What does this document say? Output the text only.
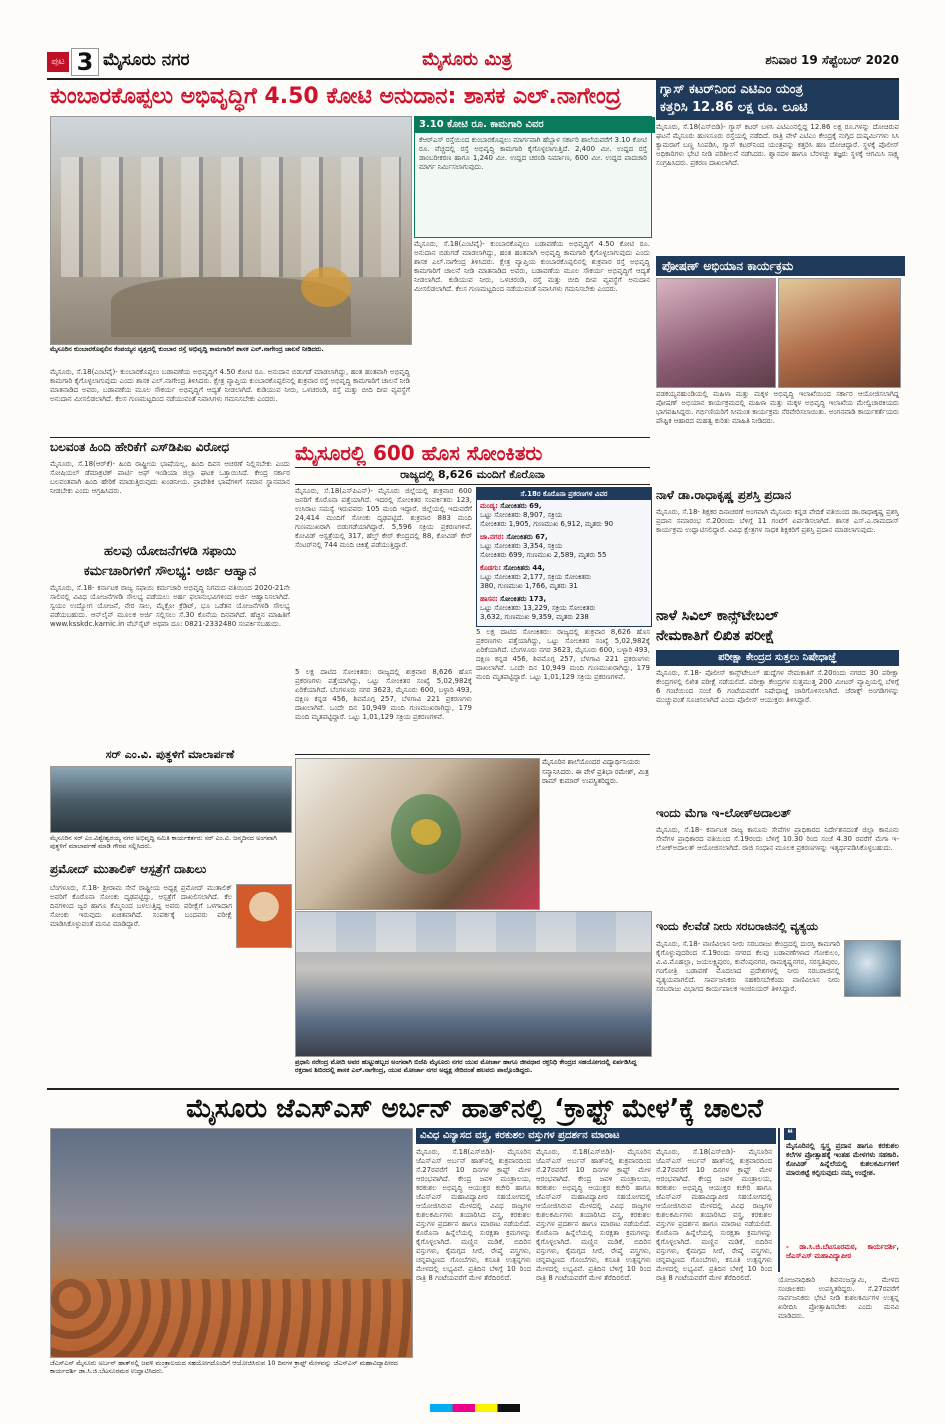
ಪುಟ 3 ಮೈಸೂರು ನಗರ	ಮೈಸೂರು ಮಿತ್ರ	ಶನಿವಾರ 19 ಸೆಪ್ಟೆಂಬರ್ 2020
ಕುಂಬಾರಕೊಪ್ಪಲು ಅಭಿವೃದ್ಧಿಗೆ 4.50 ಕೋಟಿ ಅನುದಾನ: ಶಾಸಕ ಎಲ್.ನಾಗೇಂದ್ರ
ಮೈಸೂರಿನ ಕುಂಬಾರಕೊಪ್ಪಲಿನ ಕೆಂಪಯ್ಯನ ವೃತ್ತದಲ್ಲಿ ಕುಂಬಾರ ರಸ್ತೆ ಅಭಿವೃದ್ಧಿ ಕಾಮಗಾರಿಗೆ ಶಾಸಕ ಎಲ್.ನಾಗೇಂದ್ರ ಚಾಲನೆ ನೀಡಿದರು.
3.10 ಕೋಟಿ ರೂ. ಕಾಮಗಾರಿ ವಿವರ
ಕೆಆರ್‌ಎಸ್ ರಸ್ತೆಯಿಂದ ಕುಂಬಾರಕೊಪ್ಪಲು ಮಾರ್ಗವಾಗಿ ಹೆಬ್ಬಾಳ ಸರ್ಕಾರಿ ಶಾಲೆಯವರೆಗೆ 3.10 ಕೋಟಿ ರೂ. ವೆಚ್ಚದಲ್ಲಿ ರಸ್ತೆ ಅಭಿವೃದ್ಧಿ ಕಾಮಗಾರಿ ಕೈಗೊಳ್ಳಲಾಗುತ್ತಿದೆ. 2,400 ಮೀ. ಉದ್ದದ ರಸ್ತೆ ಡಾಂಬರೀಕರಣ ಹಾಗೂ 1,240 ಮೀ. ಉದ್ದದ ಚರಂಡಿ ನಿರ್ಮಾಣ, 600 ಮೀ. ಉದ್ದದ ಪಾದಚಾರಿ ಮಾರ್ಗ ನಿರ್ಮಿಸಲಾಗುವುದು.
ಮೈಸೂರು, ಸೆ.18(ಎಂಟಿವೈ)- ಕುಂಬಾರಕೊಪ್ಪಲು ಬಡಾವಣೆಯ ಅಭಿವೃದ್ಧಿಗೆ 4.50 ಕೋಟಿ ರೂ. ಅನುದಾನ ಬಿಡುಗಡೆ ಮಾಡಲಾಗಿದ್ದು, ಹಂತ ಹಂತವಾಗಿ ಅಭಿವೃದ್ಧಿ ಕಾಮಗಾರಿ ಕೈಗೊಳ್ಳಲಾಗುವುದು ಎಂದು ಶಾಸಕ ಎಲ್.ನಾಗೇಂದ್ರ ತಿಳಿಸಿದರು. ಕ್ಷೇತ್ರ ವ್ಯಾಪ್ತಿಯ ಕುಂಬಾರಕೊಪ್ಪಲಿನಲ್ಲಿ ಶುಕ್ರವಾರ ರಸ್ತೆ ಅಭಿವೃದ್ಧಿ ಕಾಮಗಾರಿಗೆ ಚಾಲನೆ ನೀಡಿ ಮಾತನಾಡಿದ ಅವರು, ಬಡಾವಣೆಯ ಮೂಲ ಸೌಕರ್ಯ ಅಭಿವೃದ್ಧಿಗೆ ಆದ್ಯತೆ ನೀಡಲಾಗಿದೆ. ಕುಡಿಯುವ ನೀರು, ಒಳಚರಂಡಿ, ರಸ್ತೆ ಮತ್ತು ಬೀದಿ ದೀಪ ವ್ಯವಸ್ಥೆಗೆ ಅನುದಾನ ಮೀಸಲಿಡಲಾಗಿದೆ. ಕೆಲಸ ಗುಣಮಟ್ಟದಿಂದ ನಡೆಯುವಂತೆ ನಿವಾಸಿಗಳು ಗಮನಿಸಬೇಕು ಎಂದರು.
ಮೈಸೂರು, ಸೆ.18(ಎಂಟಿವೈ)- ಕುಂಬಾರಕೊಪ್ಪಲು ಬಡಾವಣೆಯ ಅಭಿವೃದ್ಧಿಗೆ 4.50 ಕೋಟಿ ರೂ. ಅನುದಾನ ಬಿಡುಗಡೆ ಮಾಡಲಾಗಿದ್ದು, ಹಂತ ಹಂತವಾಗಿ ಅಭಿವೃದ್ಧಿ ಕಾಮಗಾರಿ ಕೈಗೊಳ್ಳಲಾಗುವುದು ಎಂದು ಶಾಸಕ ಎಲ್.ನಾಗೇಂದ್ರ ತಿಳಿಸಿದರು. ಕ್ಷೇತ್ರ ವ್ಯಾಪ್ತಿಯ ಕುಂಬಾರಕೊಪ್ಪಲಿನಲ್ಲಿ ಶುಕ್ರವಾರ ರಸ್ತೆ ಅಭಿವೃದ್ಧಿ ಕಾಮಗಾರಿಗೆ ಚಾಲನೆ ನೀಡಿ ಮಾತನಾಡಿದ ಅವರು, ಬಡಾವಣೆಯ ಮೂಲ ಸೌಕರ್ಯ ಅಭಿವೃದ್ಧಿಗೆ ಆದ್ಯತೆ ನೀಡಲಾಗಿದೆ. ಕುಡಿಯುವ ನೀರು, ಒಳಚರಂಡಿ, ರಸ್ತೆ ಮತ್ತು ಬೀದಿ ದೀಪ ವ್ಯವಸ್ಥೆಗೆ ಅನುದಾನ ಮೀಸಲಿಡಲಾಗಿದೆ. ಕೆಲಸ ಗುಣಮಟ್ಟದಿಂದ ನಡೆಯುವಂತೆ ನಿವಾಸಿಗಳು ಗಮನಿಸಬೇಕು ಎಂದರು.
ಗ್ಯಾಸ್ ಕಟರ್‌ನಿಂದ ಎಟಿಎಂ ಯಂತ್ರ
ಕತ್ತರಿಸಿ 12.86 ಲಕ್ಷ ರೂ. ಲೂಟಿ
ಮೈಸೂರು, ಸೆ.18(ಎಸ್‌ಬಿಡಿ)- ಗ್ಯಾಸ್ ಕಟರ್ ಬಳಸಿ ಎಟಿಎಂನಲ್ಲಿದ್ದ 12.86 ಲಕ್ಷ ರೂ.ಗಳನ್ನು ದೋಚಿರುವ ಘಟನೆ ಮೈಸೂರು ಹುಣಸೂರು ರಸ್ತೆಯಲ್ಲಿ ನಡೆದಿದೆ. ರಾತ್ರಿ ವೇಳೆ ಎಟಿಎಂ ಕೇಂದ್ರಕ್ಕೆ ನುಗ್ಗಿದ ದುಷ್ಕರ್ಮಿಗಳು ಸಿಸಿ ಕ್ಯಾಮರಾಗೆ ಬಣ್ಣ ಸಿಂಪಡಿಸಿ, ಗ್ಯಾಸ್ ಕಟರ್‌ನಿಂದ ಯಂತ್ರವನ್ನು ಕತ್ತರಿಸಿ ಹಣ ದೋಚಿದ್ದಾರೆ. ಸ್ಥಳಕ್ಕೆ ಪೊಲೀಸ್ ಅಧಿಕಾರಿಗಳು ಭೇಟಿ ನೀಡಿ ಪರಿಶೀಲನೆ ನಡೆಸಿದರು. ಶ್ವಾನದಳ ಹಾಗೂ ಬೆರಳಚ್ಚು ತಜ್ಞರು ಸ್ಥಳಕ್ಕೆ ಆಗಮಿಸಿ ಸಾಕ್ಷ್ಯ ಸಂಗ್ರಹಿಸಿದರು. ಪ್ರಕರಣ ದಾಖಲಾಗಿದೆ.
ಪೋಷಣ್ ಅಭಿಯಾನ ಕಾರ್ಯಕ್ರಮ
ವಡಕಯ್ಯನಹುಂಡಿಯಲ್ಲಿ ಮಹಿಳಾ ಮತ್ತು ಮಕ್ಕಳ ಅಭಿವೃದ್ಧಿ ಇಲಾಖೆಯಿಂದ ಸರ್ಕಾರ ಆಯೋಜಿಸಲಾಗಿದ್ದ ಪೋಷಣ್ ಅಭಿಯಾನ ಕಾರ್ಯಕ್ರಮದಲ್ಲಿ ಮಹಿಳಾ ಮತ್ತು ಮಕ್ಕಳ ಅಭಿವೃದ್ಧಿ ಇಲಾಖೆಯ ಮೇಲ್ವಿಚಾರಕಿಯರು ಭಾಗವಹಿಸಿದ್ದರು. ಗರ್ಭಿಣಿಯರಿಗೆ ಸೀಮಂತ ಕಾರ್ಯಕ್ರಮ ನೆರವೇರಿಸಲಾಯಿತು. ಅಂಗನವಾಡಿ ಕಾರ್ಯಕರ್ತೆಯರು ಪೌಷ್ಟಿಕ ಆಹಾರದ ಮಹತ್ವ ಕುರಿತು ಮಾಹಿತಿ ನೀಡಿದರು.
ನಾಳೆ ಡಾ.ರಾಧಾಕೃಷ್ಣ ಪ್ರಶಸ್ತಿ ಪ್ರದಾನ
ಮೈಸೂರು, ಸೆ.18- ಶಿಕ್ಷಕರ ದಿನಾಚರಣೆ ಅಂಗವಾಗಿ ಮೈಸೂರು ಕನ್ನಡ ವೇದಿಕೆ ವತಿಯಿಂದ ಡಾ.ರಾಧಾಕೃಷ್ಣ ಪ್ರಶಸ್ತಿ ಪ್ರದಾನ ಸಮಾರಂಭ ಸೆ.20ರಂದು ಬೆಳಿಗ್ಗೆ 11 ಗಂಟೆಗೆ ಏರ್ಪಡಿಸಲಾಗಿದೆ. ಶಾಸಕ ಎಸ್.ಎ.ರಾಮದಾಸ್ ಕಾರ್ಯಕ್ರಮ ಉದ್ಘಾಟಿಸಲಿದ್ದಾರೆ. ವಿವಿಧ ಕ್ಷೇತ್ರಗಳ ಸಾಧಕ ಶಿಕ್ಷಕರಿಗೆ ಪ್ರಶಸ್ತಿ ಪ್ರದಾನ ಮಾಡಲಾಗುವುದು.
ನಾಳೆ ಸಿವಿಲ್ ಕಾನ್ಸ್‌ಟೇಬಲ್
ನೇಮಕಾತಿಗೆ ಲಿಖಿತ ಪರೀಕ್ಷೆ
ಪರೀಕ್ಷಾ ಕೇಂದ್ರದ ಸುತ್ತಲು ನಿಷೇಧಾಜ್ಞೆ
ಮೈಸೂರು, ಸೆ.18- ಪೊಲೀಸ್ ಕಾನ್ಸ್‌ಟೇಬಲ್ ಹುದ್ದೆಗಳ ನೇಮಕಾತಿಗೆ ಸೆ.20ರಂದು ನಗರದ 30 ಪರೀಕ್ಷಾ ಕೇಂದ್ರಗಳಲ್ಲಿ ಲಿಖಿತ ಪರೀಕ್ಷೆ ನಡೆಯಲಿದೆ. ಪರೀಕ್ಷಾ ಕೇಂದ್ರಗಳ ಸುತ್ತಮುತ್ತ 200 ಮೀಟರ್ ವ್ಯಾಪ್ತಿಯಲ್ಲಿ ಬೆಳಿಗ್ಗೆ 6 ಗಂಟೆಯಿಂದ ಸಂಜೆ 6 ಗಂಟೆಯವರೆಗೆ ನಿಷೇಧಾಜ್ಞೆ ಜಾರಿಗೊಳಿಸಲಾಗಿದೆ. ಜೆರಾಕ್ಸ್ ಅಂಗಡಿಗಳನ್ನು ಮುಚ್ಚುವಂತೆ ಸೂಚಿಸಲಾಗಿದೆ ಎಂದು ಪೊಲೀಸ್ ಆಯುಕ್ತರು ತಿಳಿಸಿದ್ದಾರೆ.
ಇಂದು ಮೆಗಾ ಇ-ಲೋಕ್‌ಅದಾಲತ್
ಮೈಸೂರು, ಸೆ.18- ಕರ್ನಾಟಕ ರಾಜ್ಯ ಕಾನೂನು ಸೇವೆಗಳ ಪ್ರಾಧಿಕಾರದ ನಿರ್ದೇಶನದಂತೆ ಜಿಲ್ಲಾ ಕಾನೂನು ಸೇವೆಗಳ ಪ್ರಾಧಿಕಾರದ ವತಿಯಿಂದ ಸೆ.19ರಂದು ಬೆಳಿಗ್ಗೆ 10.30 ರಿಂದ ಸಂಜೆ 4.30 ರವರೆಗೆ ಮೆಗಾ ಇ-ಲೋಕ್‌ಅದಾಲತ್ ಆಯೋಜಿಸಲಾಗಿದೆ. ರಾಜಿ ಸಂಧಾನ ಮೂಲಕ ಪ್ರಕರಣಗಳನ್ನು ಇತ್ಯರ್ಥಪಡಿಸಿಕೊಳ್ಳಬಹುದು.
ಇಂದು ಕೆಲವೆಡೆ ನೀರು ಸರಬರಾಜಿನಲ್ಲಿ ವ್ಯತ್ಯಯ
ಮೈಸೂರು, ಸೆ.18- ವಾಣಿವಿಲಾಸ ನೀರು ಸರಬರಾಜು ಕೇಂದ್ರದಲ್ಲಿ ದುರಸ್ತಿ ಕಾಮಗಾರಿ ಕೈಗೊಳ್ಳುವುದರಿಂದ ಸೆ.19ರಂದು ನಗರದ ಕೆಲವು ಬಡಾವಣೆಗಳಾದ ಗೋಕುಲಂ, ವಿ.ವಿ.ಮೊಹಲ್ಲಾ, ಜಯಲಕ್ಷ್ಮಿಪುರಂ, ಕುವೆಂಪುನಗರ, ರಾಮಕೃಷ್ಣನಗರ, ಸರಸ್ವತಿಪುರಂ, ಗಂಗೋತ್ರಿ ಬಡಾವಣೆ ಮೊದಲಾದ ಪ್ರದೇಶಗಳಲ್ಲಿ ನೀರು ಸರಬರಾಜಿನಲ್ಲಿ ವ್ಯತ್ಯಯವಾಗಲಿದೆ. ಸಾರ್ವಜನಿಕರು ಸಹಕರಿಸಬೇಕೆಂದು ವಾಣಿವಿಲಾಸ ನೀರು ಸರಬರಾಜು ವಿಭಾಗದ ಕಾರ್ಯಪಾಲಕ ಇಂಜಿನಿಯರ್ ತಿಳಿಸಿದ್ದಾರೆ.
ಬಲವಂತ ಹಿಂದಿ ಹೇರಿಕೆಗೆ ಎಸ್‌ಡಿಪಿಐ ವಿರೋಧ
ಮೈಸೂರು, ಸೆ.18(ಆರ್‌ಕೆ)- ಹಿಂದಿ ರಾಷ್ಟ್ರೀಯ ಭಾಷೆಯಲ್ಲ, ಹಿಂದಿ ದಿವಸ ಆಚರಣೆ ನಿಲ್ಲಿಸಬೇಕು ಎಂದು ಸೋಷಿಯಲ್ ಡೆಮಾಕ್ರಟಿಕ್ ಪಾರ್ಟಿ ಆಫ್ ಇಂಡಿಯಾ ಜಿಲ್ಲಾ ಘಟಕ ಒತ್ತಾಯಿಸಿದೆ. ಕೇಂದ್ರ ಸರ್ಕಾರ ಬಲವಂತವಾಗಿ ಹಿಂದಿ ಹೇರಿಕೆ ಮಾಡುತ್ತಿರುವುದು ಖಂಡನೀಯ. ಪ್ರಾದೇಶಿಕ ಭಾಷೆಗಳಿಗೆ ಸಮಾನ ಸ್ಥಾನಮಾನ ನೀಡಬೇಕು ಎಂದು ಆಗ್ರಹಿಸಿದರು.
ಹಲವು ಯೋಜನೆಗಳಡಿ ಸಫಾಯಿ
ಕರ್ಮಚಾರಿಗಳಿಗೆ ಸೌಲಭ್ಯ: ಅರ್ಜಿ ಆಹ್ವಾನ
ಮೈಸೂರು, ಸೆ.18- ಕರ್ನಾಟಕ ರಾಜ್ಯ ಸಫಾಯಿ ಕರ್ಮಚಾರಿ ಅಭಿವೃದ್ಧಿ ನಿಗಮದ ವತಿಯಿಂದ 2020-21ನೇ ಸಾಲಿನಲ್ಲಿ ವಿವಿಧ ಯೋಜನೆಗಳಡಿ ಸೌಲಭ್ಯ ಪಡೆಯಲು ಅರ್ಹ ಫಲಾನುಭವಿಗಳಿಂದ ಅರ್ಜಿ ಆಹ್ವಾನಿಸಲಾಗಿದೆ. ಸ್ವಯಂ ಉದ್ಯೋಗ ಯೋಜನೆ, ನೇರ ಸಾಲ, ಮೈಕ್ರೋ ಕ್ರೆಡಿಟ್, ಭೂ ಒಡೆತನ ಯೋಜನೆಗಳಡಿ ಸೌಲಭ್ಯ ಪಡೆಯಬಹುದು. ಆನ್‌ಲೈನ್ ಮೂಲಕ ಅರ್ಜಿ ಸಲ್ಲಿಸಲು ಸೆ.30 ಕೊನೆಯ ದಿನವಾಗಿದೆ. ಹೆಚ್ಚಿನ ಮಾಹಿತಿಗೆ www.ksskdc.karnic.in ವೆಬ್‌ಸೈಟ್ ಅಥವಾ ದೂ: 0821-2332480 ಸಂಪರ್ಕಿಸಬಹುದು.
ಸರ್ ಎಂ.ವಿ. ಪುತ್ಥಳಿಗೆ ಮಾಲಾರ್ಪಣೆ
ಮೈಸೂರಿನ ಸರ್ ಎಂ.ವಿಶ್ವೇಶ್ವರಯ್ಯ ನಗರ ಅಭಿವೃದ್ಧಿ ಸಮಿತಿ ಕಾರ್ಯಕರ್ತರು ಸರ್ ಎಂ.ವಿ. ಜನ್ಮದಿನದ ಅಂಗವಾಗಿ ಪುತ್ಥಳಿಗೆ ಮಾಲಾರ್ಪಣೆ ಮಾಡಿ ಗೌರವ ಸಲ್ಲಿಸಿದರು.
ಪ್ರಮೋದ್ ಮುತಾಲಿಕ್ ಆಸ್ಪತ್ರೆಗೆ ದಾಖಲು
ಬೆಂಗಳೂರು, ಸೆ.18- ಶ್ರೀರಾಮ ಸೇನೆ ರಾಷ್ಟ್ರೀಯ ಅಧ್ಯಕ್ಷ ಪ್ರಮೋದ್ ಮುತಾಲಿಕ್ ಅವರಿಗೆ ಕೊರೊನಾ ಸೋಂಕು ದೃಢಪಟ್ಟಿದ್ದು, ಆಸ್ಪತ್ರೆಗೆ ದಾಖಲಿಸಲಾಗಿದೆ. ಕೆಲ ದಿನಗಳಿಂದ ಜ್ವರ ಹಾಗೂ ಕೆಮ್ಮಿನಿಂದ ಬಳಲುತ್ತಿದ್ದ ಅವರು ಪರೀಕ್ಷೆಗೆ ಒಳಗಾದಾಗ ಸೋಂಕು ಇರುವುದು ಖಚಿತವಾಗಿದೆ. ಸಂಪರ್ಕಕ್ಕೆ ಬಂದವರು ಪರೀಕ್ಷೆ ಮಾಡಿಸಿಕೊಳ್ಳುವಂತೆ ಮನವಿ ಮಾಡಿದ್ದಾರೆ.
ಮೈಸೂರಲ್ಲಿ 600 ಹೊಸ ಸೋಂಕಿತರು
ರಾಜ್ಯದಲ್ಲಿ 8,626 ಮಂದಿಗೆ ಕೊರೊನಾ
ಮೈಸೂರು, ಸೆ.18(ಎಸ್‌ಪಿಎನ್)- ಮೈಸೂರು ಜಿಲ್ಲೆಯಲ್ಲಿ ಶುಕ್ರವಾರ 600 ಜನರಿಗೆ ಕೊರೊನಾ ಪತ್ತೆಯಾಗಿದೆ. ಇದರಲ್ಲಿ ಸೋಂಕಿತರ ಸಂಪರ್ಕಿತರು 123, ಉಸಿರಾಟ ಸಮಸ್ಯೆ ಇರುವವರು 105 ಮಂದಿ ಇದ್ದಾರೆ. ಜಿಲ್ಲೆಯಲ್ಲಿ ಇದುವರೆಗೆ 24,414 ಮಂದಿಗೆ ಸೋಂಕು ದೃಢಪಟ್ಟಿದೆ. ಶುಕ್ರವಾರ 883 ಮಂದಿ ಗುಣಮುಖರಾಗಿ ಬಿಡುಗಡೆಯಾಗಿದ್ದಾರೆ. 5,596 ಸಕ್ರಿಯ ಪ್ರಕರಣಗಳಿವೆ. ಕೋವಿಡ್ ಆಸ್ಪತ್ರೆಯಲ್ಲಿ 317, ಹೆಲ್ತ್ ಕೇರ್ ಕೇಂದ್ರದಲ್ಲಿ 88, ಕೋವಿಡ್ ಕೇರ್ ಸೆಂಟರ್‌ನಲ್ಲಿ 744 ಮಂದಿ ಚಿಕಿತ್ಸೆ ಪಡೆಯುತ್ತಿದ್ದಾರೆ.
ಸೆ.18ರ ಕೊರೊನಾ ಪ್ರಕರಣಗಳ ವಿವರ
ಮಂಡ್ಯ: ಸೋಂಕಿತರು 69,
ಒಟ್ಟು ಸೋಂಕಿತರು 8,907, ಸಕ್ರಿಯ
ಸೋಂಕಿತರು 1,905, ಗುಣಮುಖ 6,912, ಮೃತರು 90
ಚಾ.ನಗರ: ಸೋಂಕಿತರು 67,
ಒಟ್ಟು ಸೋಂಕಿತರು 3,354, ಸಕ್ರಿಯ
ಸೋಂಕಿತರು 699, ಗುಣಮುಖ 2,589, ಮೃತರು 55
ಕೊಡಗು: ಸೋಂಕಿತರು 44,
ಒಟ್ಟು ಸೋಂಕಿತರು 2,177, ಸಕ್ರಿಯ ಸೋಂಕಿತರು
380, ಗುಣಮುಖ 1,766, ಮೃತರು 31
ಹಾಸನ: ಸೋಂಕಿತರು 173,
ಒಟ್ಟು ಸೋಂಕಿತರು 13,229, ಸಕ್ರಿಯ ಸೋಂಕಿತರು
3,632, ಗುಣಮುಖ 9,359, ಮೃತರು 238
5 ಲಕ್ಷ ದಾಟಿದ ಸೋಂಕಿತರು: ರಾಜ್ಯದಲ್ಲಿ ಶುಕ್ರವಾರ 8,626 ಹೊಸ ಪ್ರಕರಣಗಳು ಪತ್ತೆಯಾಗಿದ್ದು, ಒಟ್ಟು ಸೋಂಕಿತರ ಸಂಖ್ಯೆ 5,02,982ಕ್ಕೆ ಏರಿಕೆಯಾಗಿದೆ. ಬೆಂಗಳೂರು ನಗರ 3623, ಮೈಸೂರು 600, ಬಳ್ಳಾರಿ 493, ದಕ್ಷಿಣ ಕನ್ನಡ 456, ಶಿವಮೊಗ್ಗ 257, ಬೆಳಗಾವಿ 221 ಪ್ರಕರಣಗಳು ದಾಖಲಾಗಿವೆ. ಒಂದೇ ದಿನ 10,949 ಮಂದಿ ಗುಣಮುಖರಾಗಿದ್ದು, 179 ಮಂದಿ ಮೃತಪಟ್ಟಿದ್ದಾರೆ. ಒಟ್ಟು 1,01,129 ಸಕ್ರಿಯ ಪ್ರಕರಣಗಳಿವೆ.
5 ಲಕ್ಷ ದಾಟಿದ ಸೋಂಕಿತರು: ರಾಜ್ಯದಲ್ಲಿ ಶುಕ್ರವಾರ 8,626 ಹೊಸ ಪ್ರಕರಣಗಳು ಪತ್ತೆಯಾಗಿದ್ದು, ಒಟ್ಟು ಸೋಂಕಿತರ ಸಂಖ್ಯೆ 5,02,982ಕ್ಕೆ ಏರಿಕೆಯಾಗಿದೆ. ಬೆಂಗಳೂರು ನಗರ 3623, ಮೈಸೂರು 600, ಬಳ್ಳಾರಿ 493, ದಕ್ಷಿಣ ಕನ್ನಡ 456, ಶಿವಮೊಗ್ಗ 257, ಬೆಳಗಾವಿ 221 ಪ್ರಕರಣಗಳು ದಾಖಲಾಗಿವೆ. ಒಂದೇ ದಿನ 10,949 ಮಂದಿ ಗುಣಮುಖರಾಗಿದ್ದು, 179 ಮಂದಿ ಮೃತಪಟ್ಟಿದ್ದಾರೆ. ಒಟ್ಟು 1,01,129 ಸಕ್ರಿಯ ಪ್ರಕರಣಗಳಿವೆ.
ಮೈಸೂರಿನ ಶಾಲೆಯೊಂದರ ವಿದ್ಯಾರ್ಥಿನಿಯರು ಸನ್ಮಾನಿಸಿದರು. ಈ ವೇಳೆ ಪ್ರತಿಭಾ ರಮೇಶ್, ಮಿತ್ರ ರಾಮ್ ಕುಮಾರ್ ಉಪಸ್ಥಿತರಿದ್ದರು.
ಪ್ರಧಾನಿ ನರೇಂದ್ರ ಮೋದಿ ಅವರ ಹುಟ್ಟುಹಬ್ಬದ ಅಂಗವಾಗಿ ಬಿಜೆಪಿ ಮೈಸೂರು ನಗರ ಯುವ ಮೋರ್ಚಾ ಹಾಗೂ ಜೀವಧಾರ ರಕ್ತನಿಧಿ ಕೇಂದ್ರದ ಸಹಯೋಗದಲ್ಲಿ ಏರ್ಪಡಿಸಿದ್ದ ರಕ್ತದಾನ ಶಿಬಿರದಲ್ಲಿ ಶಾಸಕ ಎಲ್.ನಾಗೇಂದ್ರ, ಯುವ ಮೋರ್ಚಾ ನಗರ ಅಧ್ಯಕ್ಷ ಸೇರಿದಂತೆ ಹಲವರು ಪಾಲ್ಗೊಂಡಿದ್ದರು.
ಮೈಸೂರು ಜೆಎಸ್‌ಎಸ್ ಅರ್ಬನ್ ಹಾತ್‌ನಲ್ಲಿ ‘ಕ್ರಾಫ್ಟ್ ಮೇಳ’ಕ್ಕೆ ಚಾಲನೆ
ಜೆಎಸ್‌ಎಸ್ ಮೈಸೂರು ಅರ್ಬನ್ ಹಾತ್‌ನಲ್ಲಿ ಜವಳಿ ಮಂತ್ರಾಲಯದ ಸಹಯೋಗದೊಂದಿಗೆ ಆಯೋಜಿಸಿರುವ 10 ದಿನಗಳ ಕ್ರಾಫ್ಟ್ ಮೇಳವನ್ನು ಜೆಎಸ್‌ಎಸ್ ಮಹಾವಿದ್ಯಾಪೀಠದ ಕಾರ್ಯದರ್ಶಿ ಡಾ.ಸಿ.ಜಿ.ಬೆಟಸೂರಮಠ ಉದ್ಘಾಟಿಸಿದರು.
ವಿವಿಧ ವಿನ್ಯಾಸದ ವಸ್ತ್ರ, ಕರಕುಶಲ ವಸ್ತುಗಳ ಪ್ರದರ್ಶನ ಮಾರಾಟ
ಮೈಸೂರು, ಸೆ.18(ಎಸ್‌ಬಿಡಿ)- ಮೈಸೂರಿನ ಜೆಎಸ್‌ಎಸ್ ಅರ್ಬನ್ ಹಾತ್‌ನಲ್ಲಿ ಶುಕ್ರವಾರದಿಂದ ಸೆ.27ರವರೆಗೆ 10 ದಿನಗಳ ಕ್ರಾಫ್ಟ್ ಮೇಳ ಆರಂಭವಾಗಿದೆ. ಕೇಂದ್ರ ಜವಳಿ ಮಂತ್ರಾಲಯ, ಕರಕುಶಲ ಅಭಿವೃದ್ಧಿ ಆಯುಕ್ತರ ಕಚೇರಿ ಹಾಗೂ ಜೆಎಸ್‌ಎಸ್ ಮಹಾವಿದ್ಯಾಪೀಠ ಸಹಯೋಗದಲ್ಲಿ ಆಯೋಜಿಸಿರುವ ಮೇಳದಲ್ಲಿ ವಿವಿಧ ರಾಜ್ಯಗಳ ಕುಶಲಕರ್ಮಿಗಳು ತಯಾರಿಸಿದ ವಸ್ತ್ರ, ಕರಕುಶಲ ವಸ್ತುಗಳ ಪ್ರದರ್ಶನ ಹಾಗೂ ಮಾರಾಟ ನಡೆಯಲಿದೆ. ಕೊರೊನಾ ಹಿನ್ನೆಲೆಯಲ್ಲಿ ಸುರಕ್ಷತಾ ಕ್ರಮಗಳನ್ನು ಕೈಗೊಳ್ಳಲಾಗಿದೆ. ಮಣ್ಣಿನ ಮಡಿಕೆ, ಬಿದಿರಿನ ವಸ್ತುಗಳು, ಕೈಮಗ್ಗದ ಸೀರೆ, ರೇಷ್ಮೆ ವಸ್ತ್ರಗಳು, ಚನ್ನಪಟ್ಟಣದ ಗೊಂಬೆಗಳು, ಕಸೂತಿ ಉತ್ಪನ್ನಗಳು ಮೇಳದಲ್ಲಿ ಲಭ್ಯವಿವೆ. ಪ್ರತಿದಿನ ಬೆಳಿಗ್ಗೆ 10 ರಿಂದ ರಾತ್ರಿ 8 ಗಂಟೆಯವರೆಗೆ ಮೇಳ ತೆರೆದಿರಲಿದೆ.
ಮೈಸೂರು, ಸೆ.18(ಎಸ್‌ಬಿಡಿ)- ಮೈಸೂರಿನ ಜೆಎಸ್‌ಎಸ್ ಅರ್ಬನ್ ಹಾತ್‌ನಲ್ಲಿ ಶುಕ್ರವಾರದಿಂದ ಸೆ.27ರವರೆಗೆ 10 ದಿನಗಳ ಕ್ರಾಫ್ಟ್ ಮೇಳ ಆರಂಭವಾಗಿದೆ. ಕೇಂದ್ರ ಜವಳಿ ಮಂತ್ರಾಲಯ, ಕರಕುಶಲ ಅಭಿವೃದ್ಧಿ ಆಯುಕ್ತರ ಕಚೇರಿ ಹಾಗೂ ಜೆಎಸ್‌ಎಸ್ ಮಹಾವಿದ್ಯಾಪೀಠ ಸಹಯೋಗದಲ್ಲಿ ಆಯೋಜಿಸಿರುವ ಮೇಳದಲ್ಲಿ ವಿವಿಧ ರಾಜ್ಯಗಳ ಕುಶಲಕರ್ಮಿಗಳು ತಯಾರಿಸಿದ ವಸ್ತ್ರ, ಕರಕುಶಲ ವಸ್ತುಗಳ ಪ್ರದರ್ಶನ ಹಾಗೂ ಮಾರಾಟ ನಡೆಯಲಿದೆ. ಕೊರೊನಾ ಹಿನ್ನೆಲೆಯಲ್ಲಿ ಸುರಕ್ಷತಾ ಕ್ರಮಗಳನ್ನು ಕೈಗೊಳ್ಳಲಾಗಿದೆ. ಮಣ್ಣಿನ ಮಡಿಕೆ, ಬಿದಿರಿನ ವಸ್ತುಗಳು, ಕೈಮಗ್ಗದ ಸೀರೆ, ರೇಷ್ಮೆ ವಸ್ತ್ರಗಳು, ಚನ್ನಪಟ್ಟಣದ ಗೊಂಬೆಗಳು, ಕಸೂತಿ ಉತ್ಪನ್ನಗಳು ಮೇಳದಲ್ಲಿ ಲಭ್ಯವಿವೆ. ಪ್ರತಿದಿನ ಬೆಳಿಗ್ಗೆ 10 ರಿಂದ ರಾತ್ರಿ 8 ಗಂಟೆಯವರೆಗೆ ಮೇಳ ತೆರೆದಿರಲಿದೆ.
ಮೈಸೂರು, ಸೆ.18(ಎಸ್‌ಬಿಡಿ)- ಮೈಸೂರಿನ ಜೆಎಸ್‌ಎಸ್ ಅರ್ಬನ್ ಹಾತ್‌ನಲ್ಲಿ ಶುಕ್ರವಾರದಿಂದ ಸೆ.27ರವರೆಗೆ 10 ದಿನಗಳ ಕ್ರಾಫ್ಟ್ ಮೇಳ ಆರಂಭವಾಗಿದೆ. ಕೇಂದ್ರ ಜವಳಿ ಮಂತ್ರಾಲಯ, ಕರಕುಶಲ ಅಭಿವೃದ್ಧಿ ಆಯುಕ್ತರ ಕಚೇರಿ ಹಾಗೂ ಜೆಎಸ್‌ಎಸ್ ಮಹಾವಿದ್ಯಾಪೀಠ ಸಹಯೋಗದಲ್ಲಿ ಆಯೋಜಿಸಿರುವ ಮೇಳದಲ್ಲಿ ವಿವಿಧ ರಾಜ್ಯಗಳ ಕುಶಲಕರ್ಮಿಗಳು ತಯಾರಿಸಿದ ವಸ್ತ್ರ, ಕರಕುಶಲ ವಸ್ತುಗಳ ಪ್ರದರ್ಶನ ಹಾಗೂ ಮಾರಾಟ ನಡೆಯಲಿದೆ. ಕೊರೊನಾ ಹಿನ್ನೆಲೆಯಲ್ಲಿ ಸುರಕ್ಷತಾ ಕ್ರಮಗಳನ್ನು ಕೈಗೊಳ್ಳಲಾಗಿದೆ. ಮಣ್ಣಿನ ಮಡಿಕೆ, ಬಿದಿರಿನ ವಸ್ತುಗಳು, ಕೈಮಗ್ಗದ ಸೀರೆ, ರೇಷ್ಮೆ ವಸ್ತ್ರಗಳು, ಚನ್ನಪಟ್ಟಣದ ಗೊಂಬೆಗಳು, ಕಸೂತಿ ಉತ್ಪನ್ನಗಳು ಮೇಳದಲ್ಲಿ ಲಭ್ಯವಿವೆ. ಪ್ರತಿದಿನ ಬೆಳಿಗ್ಗೆ 10 ರಿಂದ ರಾತ್ರಿ 8 ಗಂಟೆಯವರೆಗೆ ಮೇಳ ತೆರೆದಿರಲಿದೆ.
❝
ಮೈಸೂರಿನಲ್ಲಿ ಸ್ವಸ್ತ್ರ ಪ್ರದಾನ ಹಾಗೂ ಕರಕುಶಲ ಕಲೆಗಳ ಪ್ರೋತ್ಸಾಹಕ್ಕೆ ಇಂತಹ ಮೇಳಗಳು ಸಹಕಾರಿ. ಕೋವಿಡ್ ಹಿನ್ನೆಲೆಯಲ್ಲಿ ಕುಶಲಕರ್ಮಿಗಳಿಗೆ ಮಾರುಕಟ್ಟೆ ಕಲ್ಪಿಸುವುದು ನಮ್ಮ ಉದ್ದೇಶ.
- ಡಾ.ಸಿ.ಜಿ.ಬೆಟಸೂರಮಠ, ಕಾರ್ಯದರ್ಶಿ, ಜೆಎಸ್‌ಎಸ್ ಮಹಾವಿದ್ಯಾಪೀಠ
ಯೋಜನಾಧಿಕಾರಿ ಶಿವನಂಜಸ್ವಾಮಿ, ಮೇಳದ ಸಂಚಾಲಕರು ಉಪಸ್ಥಿತರಿದ್ದರು. ಸೆ.27ರವರೆಗೆ ಸಾರ್ವಜನಿಕರು ಭೇಟಿ ನೀಡಿ ಕುಶಲಕರ್ಮಿಗಳ ಉತ್ಪನ್ನ ಖರೀದಿಸಿ ಪ್ರೋತ್ಸಾಹಿಸಬೇಕು ಎಂದು ಮನವಿ ಮಾಡಿದರು.
